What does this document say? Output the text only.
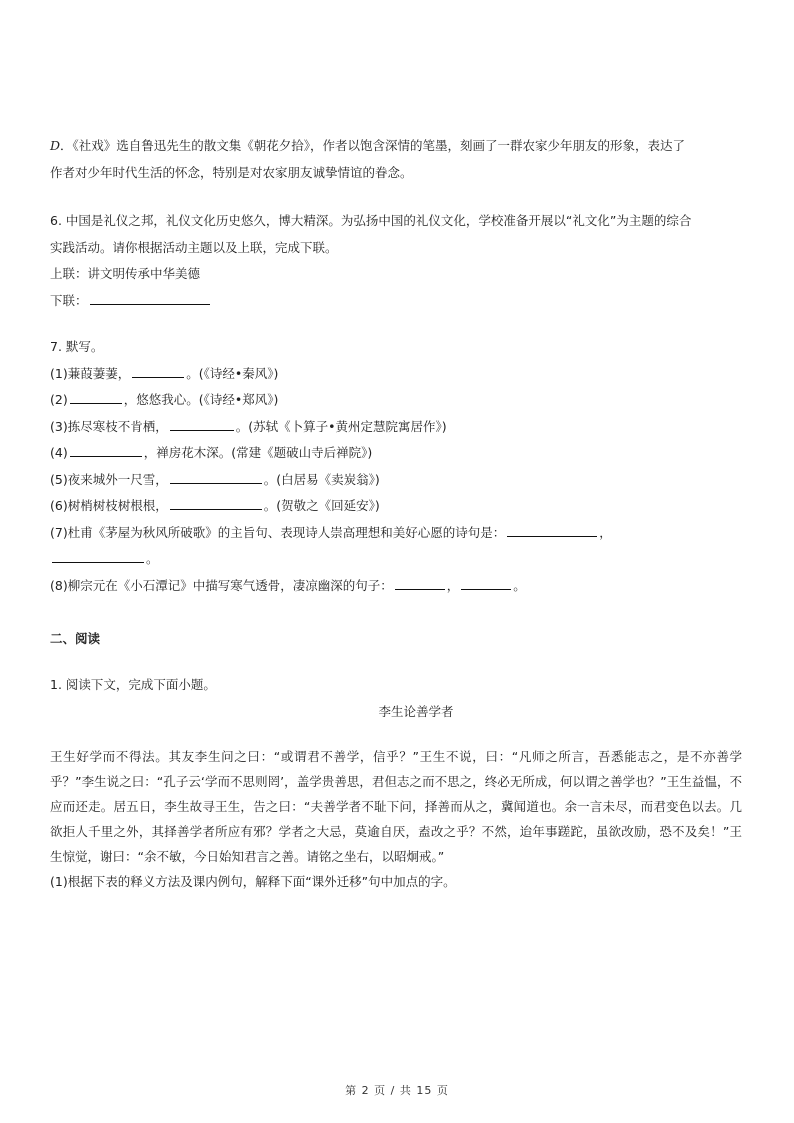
D．《社戏》选自鲁迅先生的散文集《朝花夕拾》，作者以饱含深情的笔墨，刻画了一群农家少年朋友的形象，表达了
作者对少年时代生活的怀念，特别是对农家朋友诚挚情谊的眷念。
6. 中国是礼仪之邦，礼仪文化历史悠久，博大精深。为弘扬中国的礼仪文化，学校准备开展以“礼文化”为主题的综合
实践活动。请你根据活动主题以及上联，完成下联。
上联：讲文明传承中华美德
下联：
7. 默写。
(1)蒹葭萋萋，	。(《诗经•秦风》)
(2)	，悠悠我心。(《诗经•郑风》)
(3)拣尽寒枝不肯栖，	。(苏轼《卜算子•黄州定慧院寓居作》)
(4)	，禅房花木深。(常建《题破山寺后禅院》)
(5)夜来城外一尺雪，	。(白居易《卖炭翁》)
(6)树梢树枝树根根，	。(贺敬之《回延安》)
(7)杜甫《茅屋为秋风所破歌》的主旨句、表现诗人崇高理想和美好心愿的诗句是：	，
。
(8)柳宗元在《小石潭记》中描写寒气透骨，凄凉幽深的句子：	，	。
二、阅读
1. 阅读下文，完成下面小题。
李生论善学者
王生好学而不得法。其友李生问之曰：“或谓君不善学，信乎？”王生不说，曰：“凡师之所言，吾悉能志之，是不亦善学乎？”李生说之曰：“孔子云‘学而不思则罔’，盖学贵善思，君但志之而不思之，终必无所成，何以谓之善学也？”王生益愠，不应而还走。居五日，李生故寻王生，告之曰：“夫善学者不耻下问，择善而从之，冀闻道也。余一言未尽，而君变色以去。几欲拒人千里之外，其择善学者所应有邪？学者之大忌，莫逾自厌，盍改之乎？不然，迨年事蹉跎，虽欲改励，恐不及矣！”王生惊觉，谢曰：“余不敏，今日始知君言之善。请铭之坐右，以昭炯戒。”
(1)根据下表的释义方法及课内例句，解释下面“课外迁移”句中加点的字。
第 2 页 / 共 15 页
